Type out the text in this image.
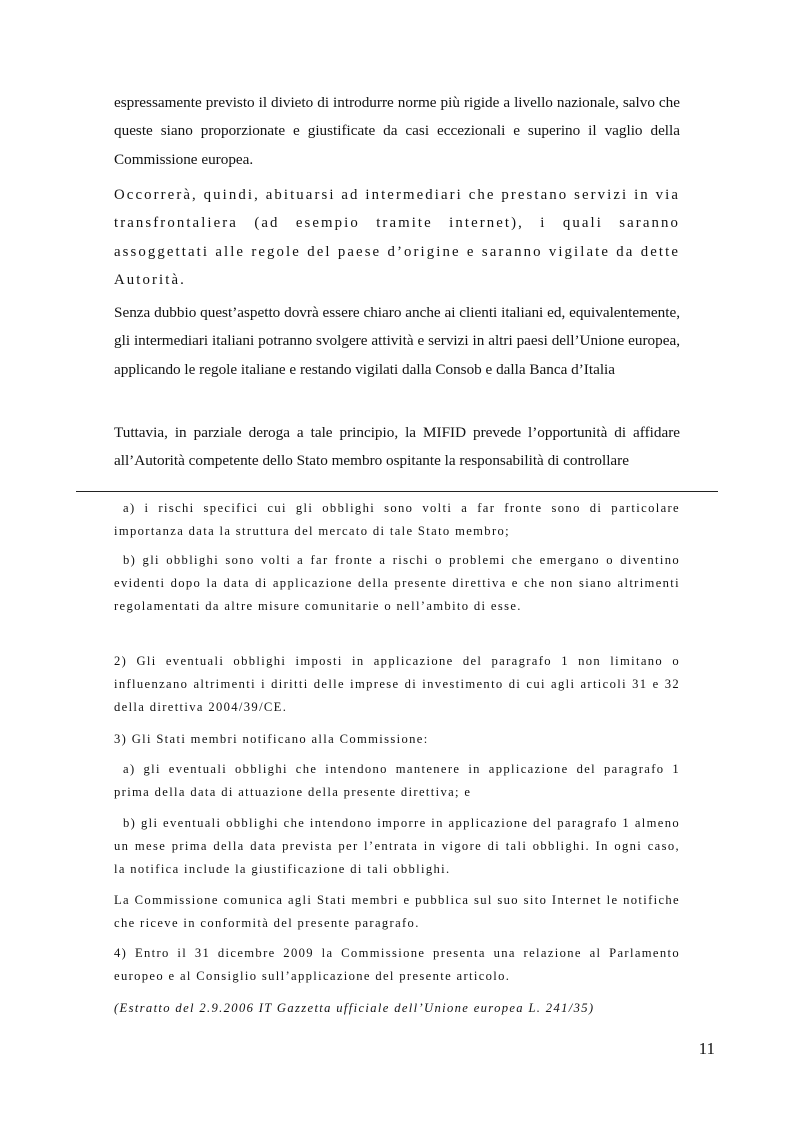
espressamente previsto il divieto di introdurre norme più rigide a livello nazionale, salvo che queste siano proporzionate e giustificate da casi eccezionali e superino il vaglio della Commissione europea.

Occorrerà, quindi, abituarsi ad intermediari che prestano servizi in via transfrontaliera (ad esempio tramite internet), i quali saranno assoggettati alle regole del paese d’origine e saranno vigilate da dette Autorità.

Senza dubbio quest’aspetto dovrà essere chiaro anche ai clienti italiani ed, equivalentemente, gli intermediari italiani potranno svolgere attività e servizi in altri paesi dell’Unione europea, applicando le regole italiane e restando vigilati dalla Consob e dalla Banca d’Italia

Tuttavia, in parziale deroga a tale principio, la MIFID prevede l’opportunità di affidare all’Autorità competente dello Stato membro ospitante la responsabilità di controllare

a) i rischi specifici cui gli obblighi sono volti a far fronte sono di particolare importanza data la struttura del mercato di tale Stato membro;

b) gli obblighi sono volti a far fronte a rischi o problemi che emergano o diventino evidenti dopo la data di applicazione della presente direttiva e che non siano altrimenti regolamentati da altre misure comunitarie o nell’ambito di esse.

2) Gli eventuali obblighi imposti in applicazione del paragrafo 1 non limitano o influenzano altrimenti i diritti delle imprese di investimento di cui agli articoli 31 e 32 della direttiva 2004/39/CE.

3) Gli Stati membri notificano alla Commissione:

a) gli eventuali obblighi che intendono mantenere in applicazione del paragrafo 1 prima della data di attuazione della presente direttiva; e

b) gli eventuali obblighi che intendono imporre in applicazione del paragrafo 1 almeno un mese prima della data prevista per l’entrata in vigore di tali obblighi. In ogni caso, la notifica include la giustificazione di tali obblighi.

La Commissione comunica agli Stati membri e pubblica sul suo sito Internet le notifiche che riceve in conformità del presente paragrafo.

4) Entro il 31 dicembre 2009 la Commissione presenta una relazione al Parlamento europeo e al Consiglio sull’applicazione del presente articolo.

(Estratto del 2.9.2006 IT Gazzetta ufficiale dell’Unione europea L. 241/35)

11
